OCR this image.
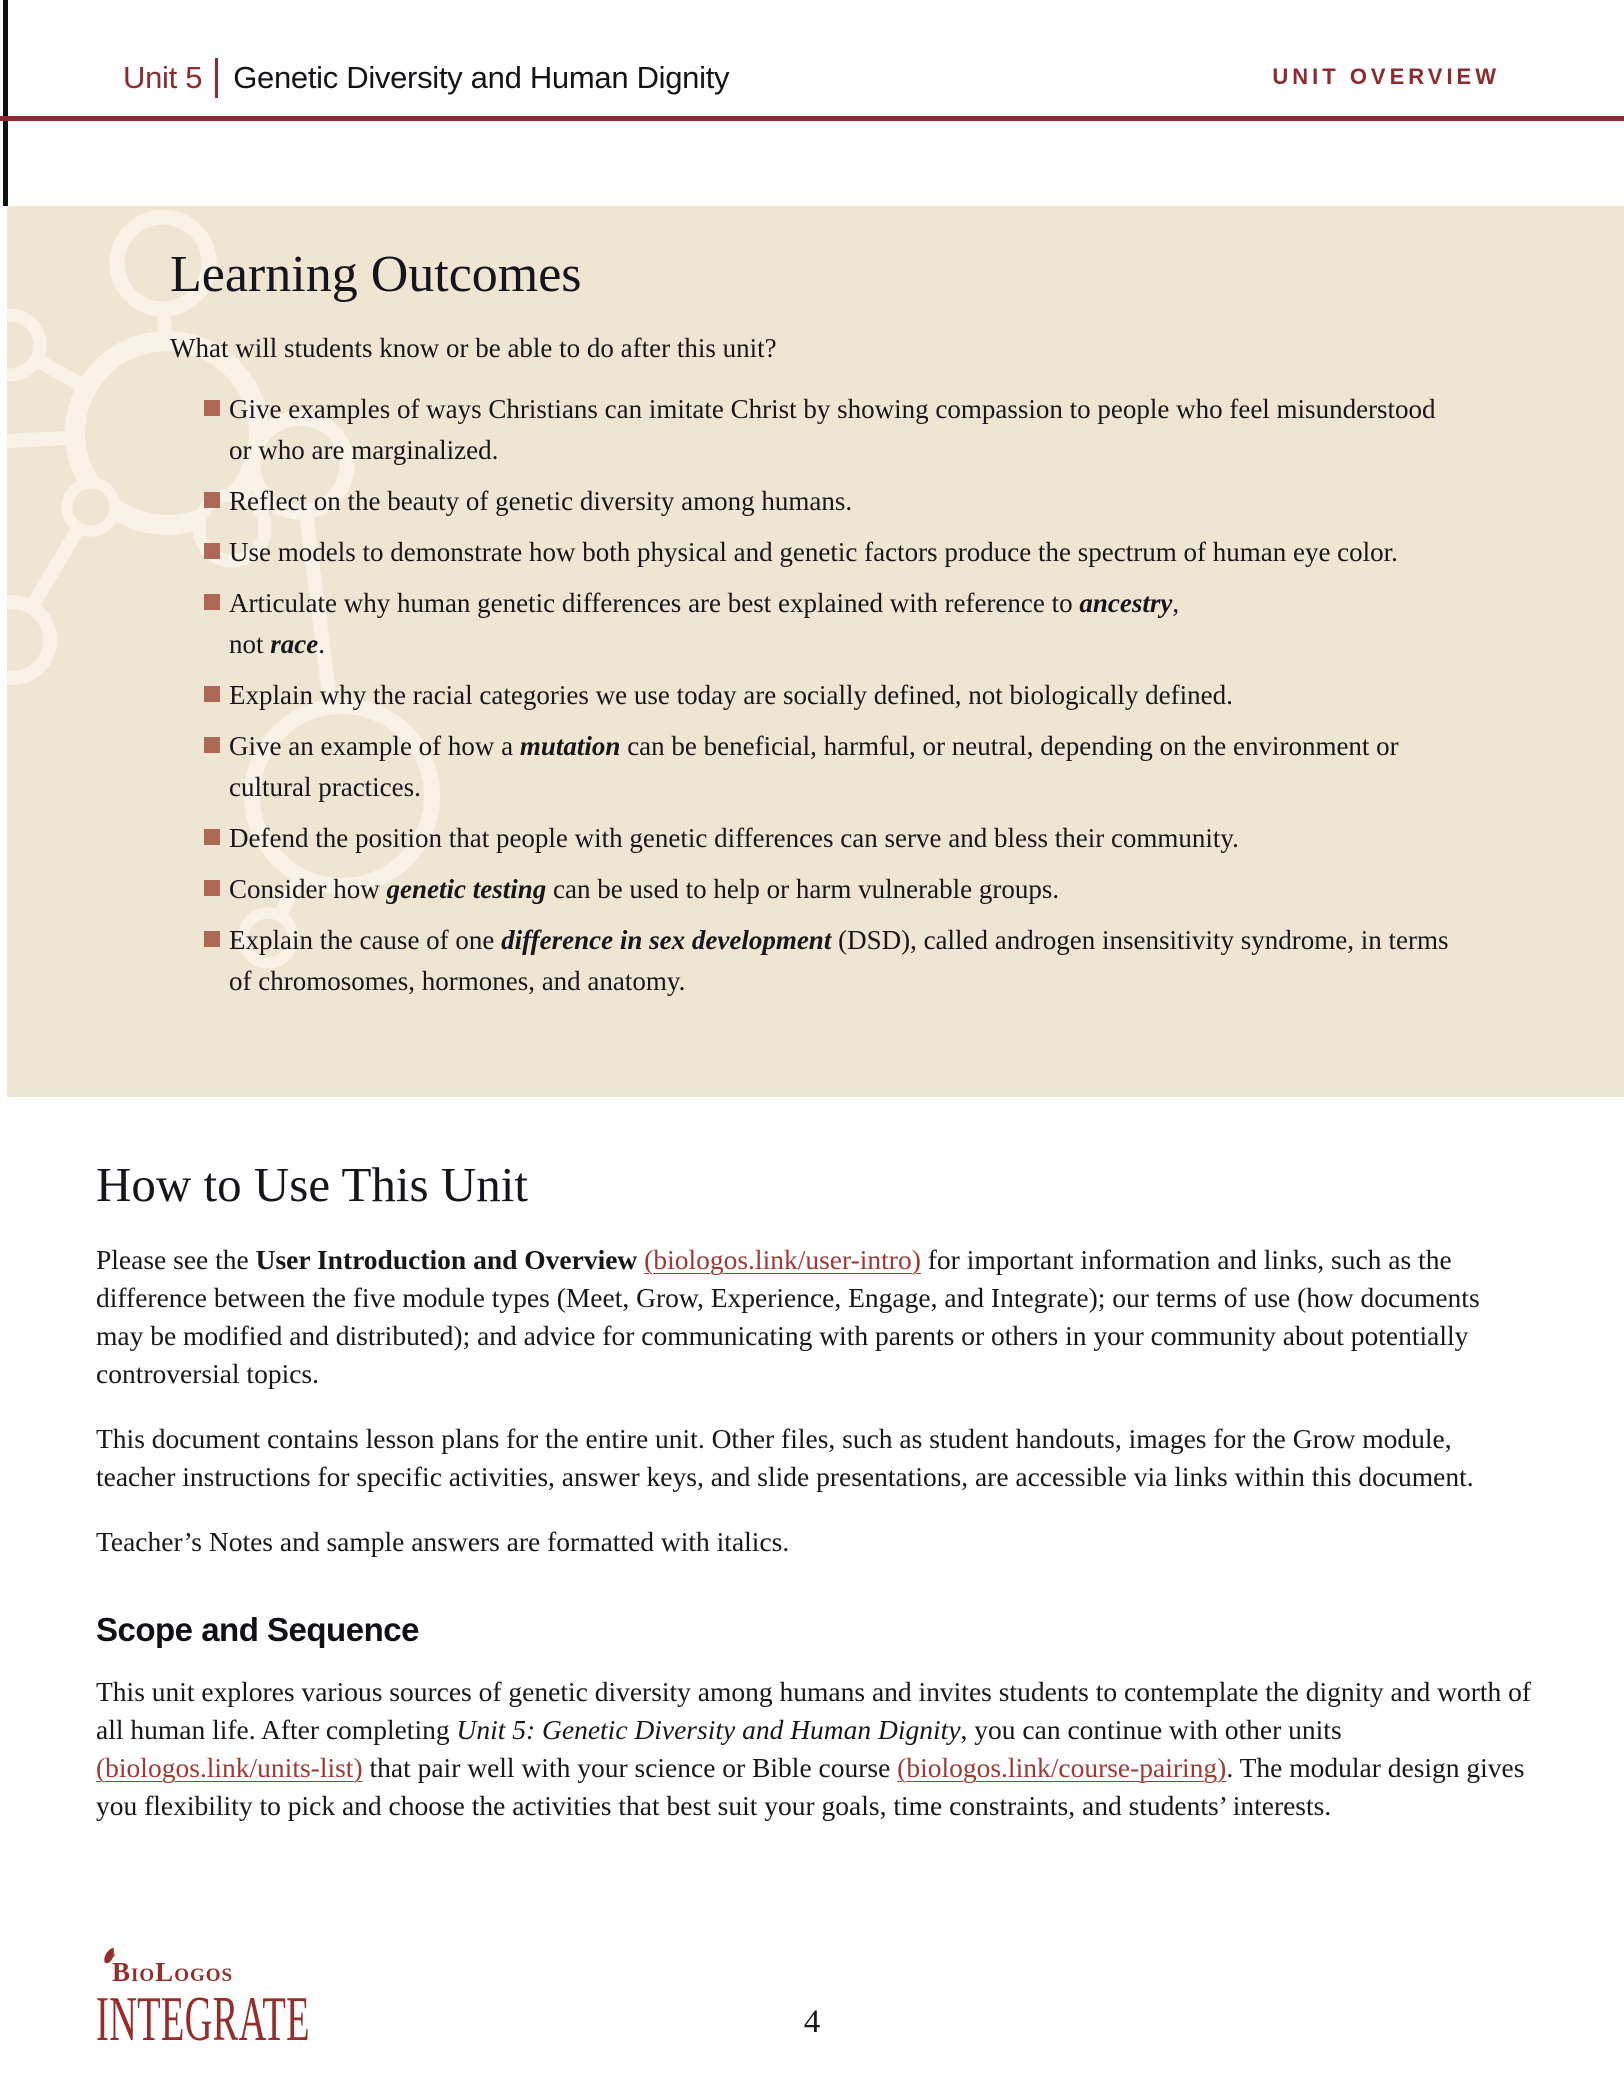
Unit 5 Genetic Diversity and Human Dignity	UNIT OVERVIEW
Learning Outcomes

What will students know or be able to do after this unit?

Give examples of ways Christians can imitate Christ by showing compassion to people who feel misunderstood or who are marginalized.
Reflect on the beauty of genetic diversity among humans.
Use models to demonstrate how both physical and genetic factors produce the spectrum of human eye color.
Articulate why human genetic differences are best explained with reference to ancestry,
not race.
Explain why the racial categories we use today are socially defined, not biologically defined.
Give an example of how a mutation can be beneficial, harmful, or neutral, depending on the environment or cultural practices.
Defend the position that people with genetic differences can serve and bless their community.
Consider how genetic testing can be used to help or harm vulnerable groups.
Explain the cause of one difference in sex development (DSD), called androgen insensitivity syndrome, in terms of chromosomes, hormones, and anatomy.
How to Use This Unit

Please see the User Introduction and Overview (biologos.link/user-intro) for important information and links, such as the difference between the five module types (Meet, Grow, Experience, Engage, and Integrate); our terms of use (how documents may be modified and distributed); and advice for communicating with parents or others in your community about potentially controversial topics.

This document contains lesson plans for the entire unit. Other files, such as student handouts, images for the Grow module, teacher instructions for specific activities, answer keys, and slide presentations, are accessible via links within this document.

Teacher’s Notes and sample answers are formatted with italics.

Scope and Sequence

This unit explores various sources of genetic diversity among humans and invites students to contemplate the dignity and worth of all human life. After completing Unit 5: Genetic Diversity and Human Dignity, you can continue with other units (biologos.link/units-list) that pair well with your science or Bible course (biologos.link/course-pairing). The modular design gives you flexibility to pick and choose the activities that best suit your goals, time constraints, and students’ interests.

BioLogos
INTEGRATE	4
